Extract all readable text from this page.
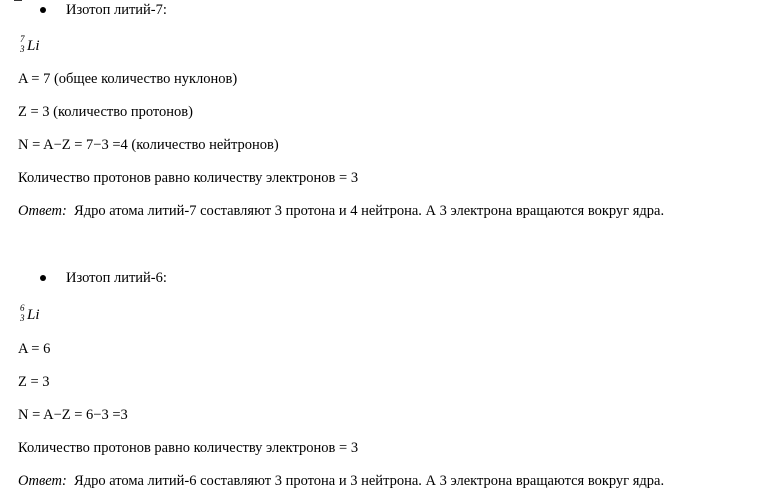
Изотоп литий-7:
7
3 Li
A = 7 (общее количество нуклонов)
Z = 3 (количество протонов)
N = A−Z = 7−3 =4 (количество нейтронов)
Количество протонов равно количеству электронов = 3
Ответ: Ядро атома литий-7 составляют 3 протона и 4 нейтрона. А 3 электрона вращаются вокруг ядра.
Изотоп литий-6:
6
3 Li
A = 6
Z = 3
N = A−Z = 6−3 =3
Количество протонов равно количеству электронов = 3
Ответ: Ядро атома литий-6 составляют 3 протона и 3 нейтрона. А 3 электрона вращаются вокруг ядра.
